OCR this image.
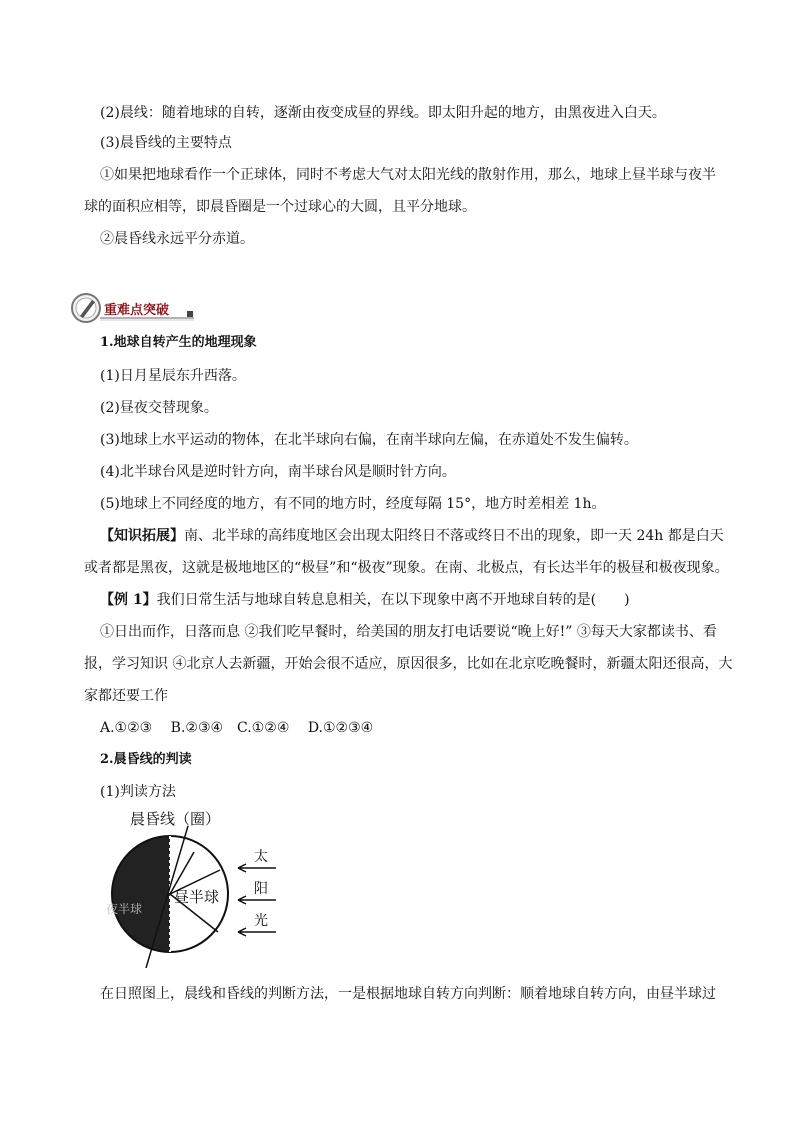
(2)晨线：随着地球的自转，逐渐由夜变成昼的界线。即太阳升起的地方，由黑夜进入白天。
(3)晨昏线的主要特点
①如果把地球看作一个正球体，同时不考虑大气对太阳光线的散射作用，那么，地球上昼半球与夜半
球的面积应相等，即晨昏圈是一个过球心的大圆，且平分地球。
②晨昏线永远平分赤道。
重难点突破
1.地球自转产生的地理现象
(1)日月星辰东升西落。
(2)昼夜交替现象。
(3)地球上水平运动的物体，在北半球向右偏，在南半球向左偏，在赤道处不发生偏转。
(4)北半球台风是逆时针方向，南半球台风是顺时针方向。
(5)地球上不同经度的地方，有不同的地方时，经度每隔 15°，地方时差相差 1h。
【知识拓展】南、北半球的高纬度地区会出现太阳终日不落或终日不出的现象，即一天 24h 都是白天
或者都是黑夜，这就是极地地区的“极昼”和“极夜”现象。在南、北极点，有长达半年的极昼和极夜现象。
【例 1】我们日常生活与地球自转息息相关，在以下现象中离不开地球自转的是(　　)
①日出而作，日落而息 ②我们吃早餐时，给美国的朋友打电话要说“晚上好!” ③每天大家都读书、看
报，学习知识 ④北京人去新疆，开始会很不适应，原因很多，比如在北京吃晚餐时，新疆太阳还很高，大
家都还要工作
A.①②③　 B.②③④　C.①②④　 D.①②③④
2.晨昏线的判读
(1)判读方法
晨昏线（圈）
昼半球
夜半球
太
阳
光
在日照图上，晨线和昏线的判断方法，一是根据地球自转方向判断：顺着地球自转方向，由昼半球过
